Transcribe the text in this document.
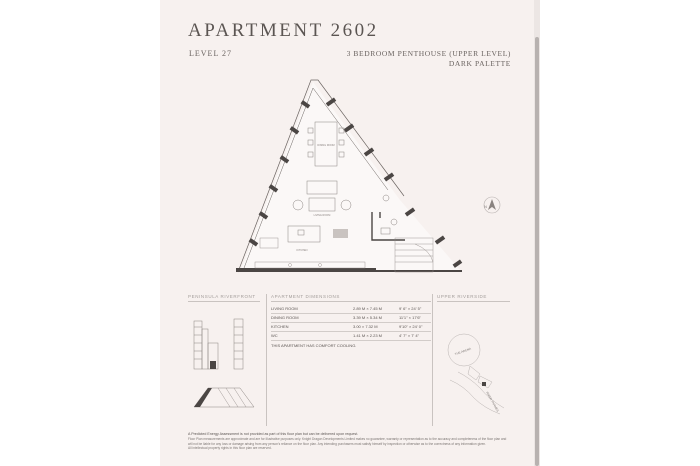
APARTMENT 2602
LEVEL 27	3 BEDROOM PENTHOUSE (UPPER LEVEL)
DARK PALETTE
DINING ROOM
LIVING ROOM
KITCHEN
N
PENINSULA RIVERFRONT	APARTMENT DIMENSIONS	UPPER RIVERSIDE
LIVING ROOM	2.89 M × 7.45 M	9' 6" × 24' 5"
DINING ROOM	3.39 M × 5.34 M	11'1" × 17'6"
KITCHEN	3.00 × 7.32 M	9'10" × 24' 0"
WC	1.41 M × 2.23 M	4' 7" × 7' 4"
THIS APARTMENT HAS COMFORT COOLING.
THE ARENA
RIVER THAMES
A Predicted Energy Assessment is not provided as part of this floor plan but can be delivered upon request.
Floor Plan measurements are approximate and are for illustrative purposes only. Knight Dragon Developments Limited makes no guarantee, warranty or representation as to the accuracy and completeness of the floor plan and will not be liable for any loss or damage arising from any person's reliance on the floor plan. Any intending purchasers must satisfy himself by inspection or otherwise as to the correctness of any information given.
All intellectual property rights in this floor plan are reserved.
